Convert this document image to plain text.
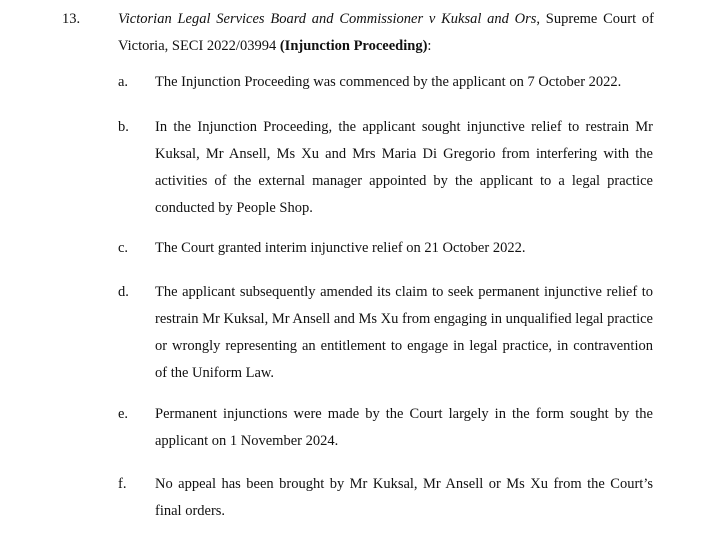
13.	Victorian Legal Services Board and Commissioner v Kuksal and Ors, Supreme Court of Victoria, SECI 2022/03994 (Injunction Proceeding):
a. The Injunction Proceeding was commenced by the applicant on 7 October 2022.
b. In the Injunction Proceeding, the applicant sought injunctive relief to restrain Mr Kuksal, Mr Ansell, Ms Xu and Mrs Maria Di Gregorio from interfering with the activities of the external manager appointed by the applicant to a legal practice conducted by People Shop.
c. The Court granted interim injunctive relief on 21 October 2022.
d. The applicant subsequently amended its claim to seek permanent injunctive relief to restrain Mr Kuksal, Mr Ansell and Ms Xu from engaging in unqualified legal practice or wrongly representing an entitlement to engage in legal practice, in contravention of the Uniform Law.
e. Permanent injunctions were made by the Court largely in the form sought by the applicant on 1 November 2024.
f. No appeal has been brought by Mr Kuksal, Mr Ansell or Ms Xu from the Court’s final orders.
